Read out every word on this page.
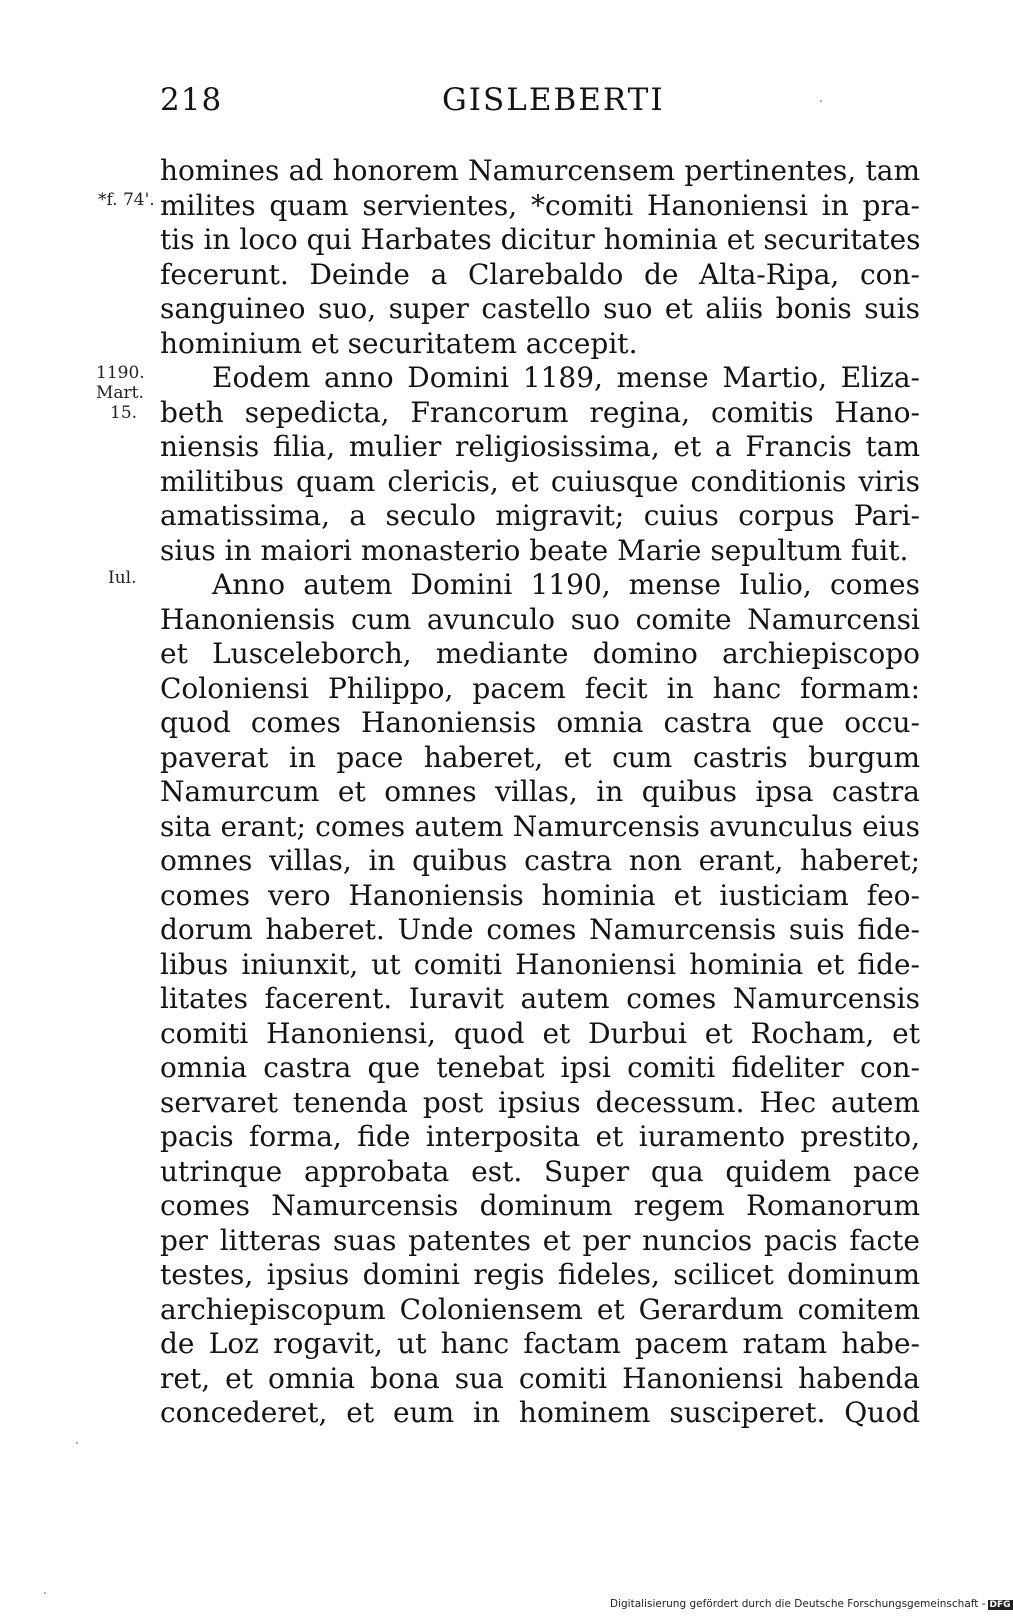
218	GISLEBERTI
*f. 74'.
1190.
Mart.
15.
Iul.
homines ad honorem Namurcensem pertinentes, tam
milites quam servientes, *comiti Hanoniensi in pra-
tis in loco qui Harbates dicitur hominia et securitates
fecerunt. Deinde a Clarebaldo de Alta-Ripa, con-
sanguineo suo, super castello suo et aliis bonis suis
hominium et securitatem accepit.
Eodem anno Domini 1189, mense Martio, Eliza-
beth sepedicta, Francorum regina, comitis Hano-
niensis filia, mulier religiosissima, et a Francis tam
militibus quam clericis, et cuiusque conditionis viris
amatissima, a seculo migravit; cuius corpus Pari-
sius in maiori monasterio beate Marie sepultum fuit.
Anno autem Domini 1190, mense Iulio, comes
Hanoniensis cum avunculo suo comite Namurcensi
et Lusceleborch, mediante domino archiepiscopo
Coloniensi Philippo, pacem fecit in hanc formam:
quod comes Hanoniensis omnia castra que occu-
paverat in pace haberet, et cum castris burgum
Namurcum et omnes villas, in quibus ipsa castra
sita erant; comes autem Namurcensis avunculus eius
omnes villas, in quibus castra non erant, haberet;
comes vero Hanoniensis hominia et iusticiam feo-
dorum haberet. Unde comes Namurcensis suis fide-
libus iniunxit, ut comiti Hanoniensi hominia et fide-
litates facerent. Iuravit autem comes Namurcensis
comiti Hanoniensi, quod et Durbui et Rocham, et
omnia castra que tenebat ipsi comiti fideliter con-
servaret tenenda post ipsius decessum. Hec autem
pacis forma, fide interposita et iuramento prestito,
utrinque approbata est. Super qua quidem pace
comes Namurcensis dominum regem Romanorum
per litteras suas patentes et per nuncios pacis facte
testes, ipsius domini regis fideles, scilicet dominum
archiepiscopum Coloniensem et Gerardum comitem
de Loz rogavit, ut hanc factam pacem ratam habe-
ret, et omnia bona sua comiti Hanoniensi habenda
concederet, et eum in hominem susciperet. Quod
Digitalisierung gefördert durch die Deutsche Forschungsgemeinschaft - DFG
